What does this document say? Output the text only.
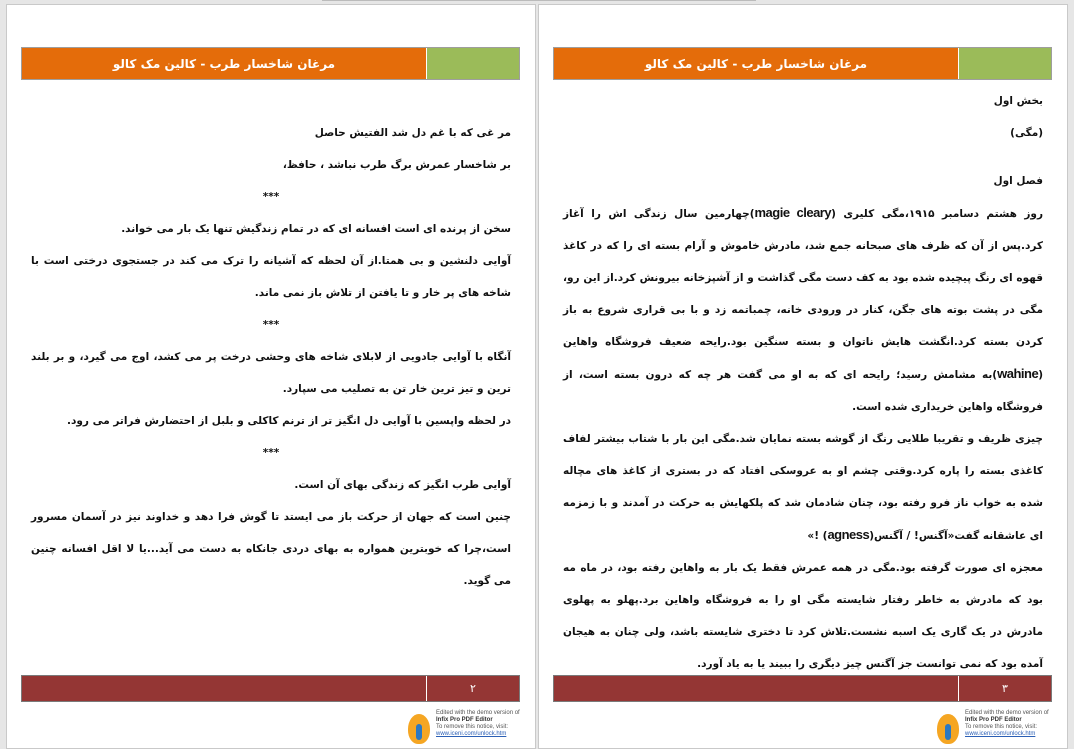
مرغان شاخسار طرب - کالین مک کالو

مر غی که با غم دل شد الفتیش حاصل

بر شاخسار عمرش برگ طرب نباشد ، حافظ،

***

سخن از پرنده ای است افسانه ای که در تمام زندگیش تنها یک بار می خواند.

آوایی دلنشین و بی همتا.از آن لحظه که آشیانه را ترک می کند در جستجوی درختی است با شاخه های پر خار و تا یافتن از تلاش باز نمی ماند.

***

آنگاه با آوایی جادویی از لابلای شاخه های وحشی درخت پر می کشد، اوج می گیرد، و بر بلند ترین و تیز ترین خار تن به تصلیب می سپارد.

در لحظه واپسین با آوایی دل انگیز تر از ترنم کاکلی و بلبل از احتضارش فراتر می رود.

***

آوایی طرب انگیز که زندگی بهای آن است.

چنین است که جهان از حرکت باز می ایستد تا گوش فرا دهد و خداوند نیز در آسمان مسرور است،چرا که خوبترین همواره به بهای دردی جانکاه به دست می آید...یا لا اقل افسانه چنین می گوید.

۲
Edited with the demo version of
Infix Pro PDF Editor
To remove this notice, visit:
www.iceni.com/unlock.htm
مرغان شاخسار طرب - کالین مک کالو

بخش اول

(مگی)

فصل اول

روز هشتم دسامبر ۱۹۱۵،مگی کلیری (magie cleary)چهارمین سال زندگی اش را آغاز کرد.پس از آن که ظرف های صبحانه جمع شد، مادرش خاموش و آرام بسته ای را که در کاغذ قهوه ای رنگ پیچیده شده بود به کف دست مگی گذاشت و از آشپزخانه بیرونش کرد.از این رو، مگی در پشت بوته های جگن، کنار در ورودی خانه، چمباتمه زد و با بی قراری شروع به باز کردن بسته کرد.انگشت هایش ناتوان و بسته سنگین بود.رایحه ضعیف فروشگاه واهاین (wahine)به مشامش رسید؛ رایحه ای که به او می گفت هر چه که درون بسته است، از فروشگاه واهاین خریداری شده است.

چیزی ظریف و تقریبا طلایی رنگ از گوشه بسته نمایان شد.مگی این بار با شتاب بیشتر لفاف کاغذی بسته را پاره کرد.وقتی چشم او به عروسکی افتاد که در بستری از کاغذ های مچاله شده به خواب ناز فرو رفته بود، چنان شادمان شد که پلکهایش به حرکت در آمدند و با زمزمه ای عاشقانه گفت«آگنس! / آگنس(agness) !»

معجزه ای صورت گرفته بود.مگی در همه عمرش فقط یک بار به واهاین رفته بود، در ماه مه بود که مادرش به خاطر رفتار شایسته مگی او را به فروشگاه واهاین برد.پهلو به پهلوی مادرش در یک گاری یک اسبه نشست.تلاش کرد تا دختری شایسته باشد، ولی چنان به هیجان آمده بود که نمی توانست جز آگنس چیز دیگری را ببیند یا به یاد آورد.

۳
Edited with the demo version of
Infix Pro PDF Editor
To remove this notice, visit:
www.iceni.com/unlock.htm
